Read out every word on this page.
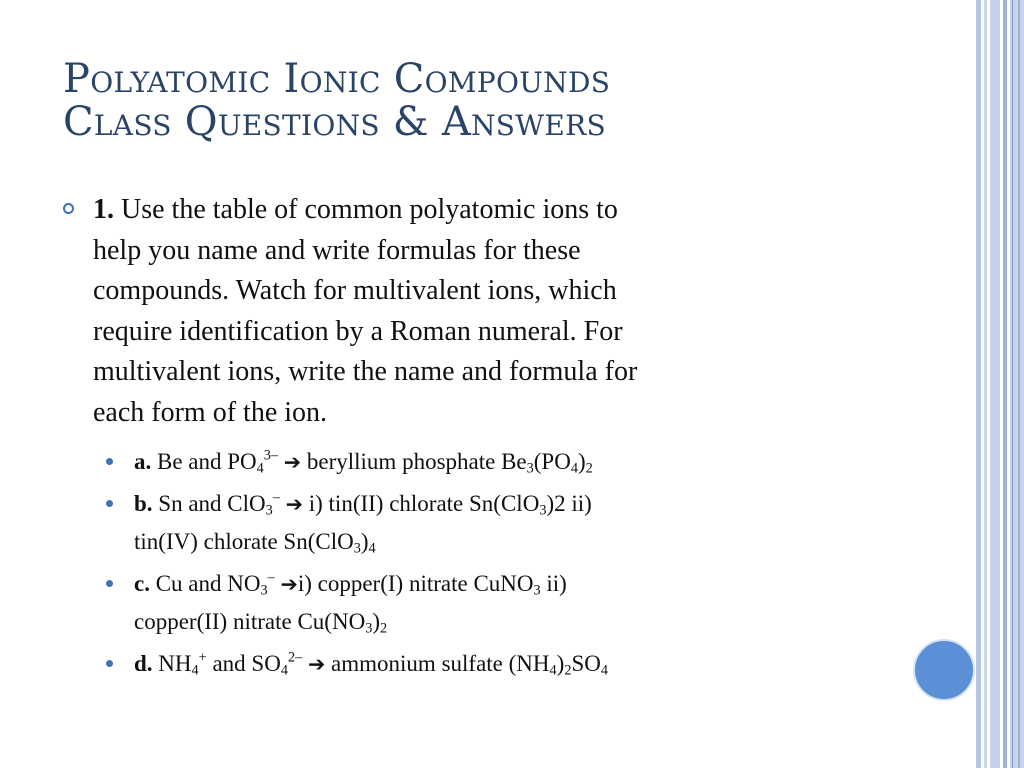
Polyatomic Ionic Compounds
Class Questions & Answers
1. Use the table of common polyatomic ions to
help you name and write formulas for these
compounds. Watch for multivalent ions, which
require identification by a Roman numeral. For
multivalent ions, write the name and formula for
each form of the ion.
a. Be and $PO_4^{3-}$ ➔ beryllium phosphate $Be_3(PO_4)_2$
b. Sn and ClO$_3$– ➔ i) tin(II) chlorate Sn(ClO$_3$)2 ii)
tin(IV) chlorate $Sn(ClO_3)_4$
c. Cu and $NO_3^-$ ➔i) copper(I) nitrate CuNO$_3$ ii)
copper(II) nitrate $Cu(NO_3)_2$
d. $NH_4^+$ and $SO_4^{2-}$ ➔ ammonium sulfate $(NH_4)_2SO_4$
